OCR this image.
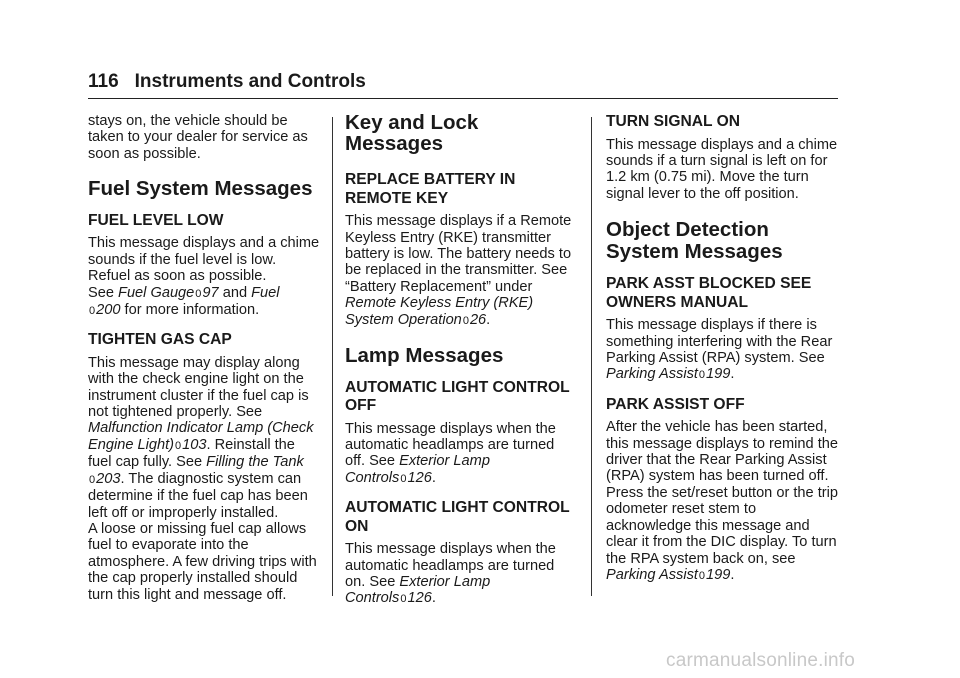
116 Instruments and Controls

stays on, the vehicle should be taken to your dealer for service as soon as possible.

Fuel System Messages
FUEL LEVEL LOW

This message displays and a chime sounds if the fuel level is low. Refuel as soon as possible.

See Fuel Gauge097 and Fuel
0200 for more information.

TIGHTEN GAS CAP

This message may display along with the check engine light on the instrument cluster if the fuel cap is not tightened properly. See Malfunction Indicator Lamp (Check Engine Light)0103. Reinstall the fuel cap fully. See Filling the Tank
0203. The diagnostic system can determine if the fuel cap has been left off or improperly installed.

A loose or missing fuel cap allows fuel to evaporate into the atmosphere. A few driving trips with the cap properly installed should turn this light and message off.

Key and Lock Messages
REPLACE BATTERY IN REMOTE KEY

This message displays if a Remote Keyless Entry (RKE) transmitter battery is low. The battery needs to be replaced in the transmitter. See “Battery Replacement” under Remote Keyless Entry (RKE) System Operation026.

Lamp Messages
AUTOMATIC LIGHT CONTROL OFF

This message displays when the automatic headlamps are turned off. See Exterior Lamp Controls0126.

AUTOMATIC LIGHT CONTROL ON

This message displays when the automatic headlamps are turned on. See Exterior Lamp Controls0126.

TURN SIGNAL ON

This message displays and a chime sounds if a turn signal is left on for 1.2 km (0.75 mi). Move the turn signal lever to the off position.

Object Detection System Messages
PARK ASST BLOCKED SEE OWNERS MANUAL

This message displays if there is something interfering with the Rear Parking Assist (RPA) system. See Parking Assist0199.

PARK ASSIST OFF

After the vehicle has been started, this message displays to remind the driver that the Rear Parking Assist (RPA) system has been turned off. Press the set/reset button or the trip odometer reset stem to acknowledge this message and clear it from the DIC display. To turn the RPA system back on, see Parking Assist0199.

carmanualsonline.info
